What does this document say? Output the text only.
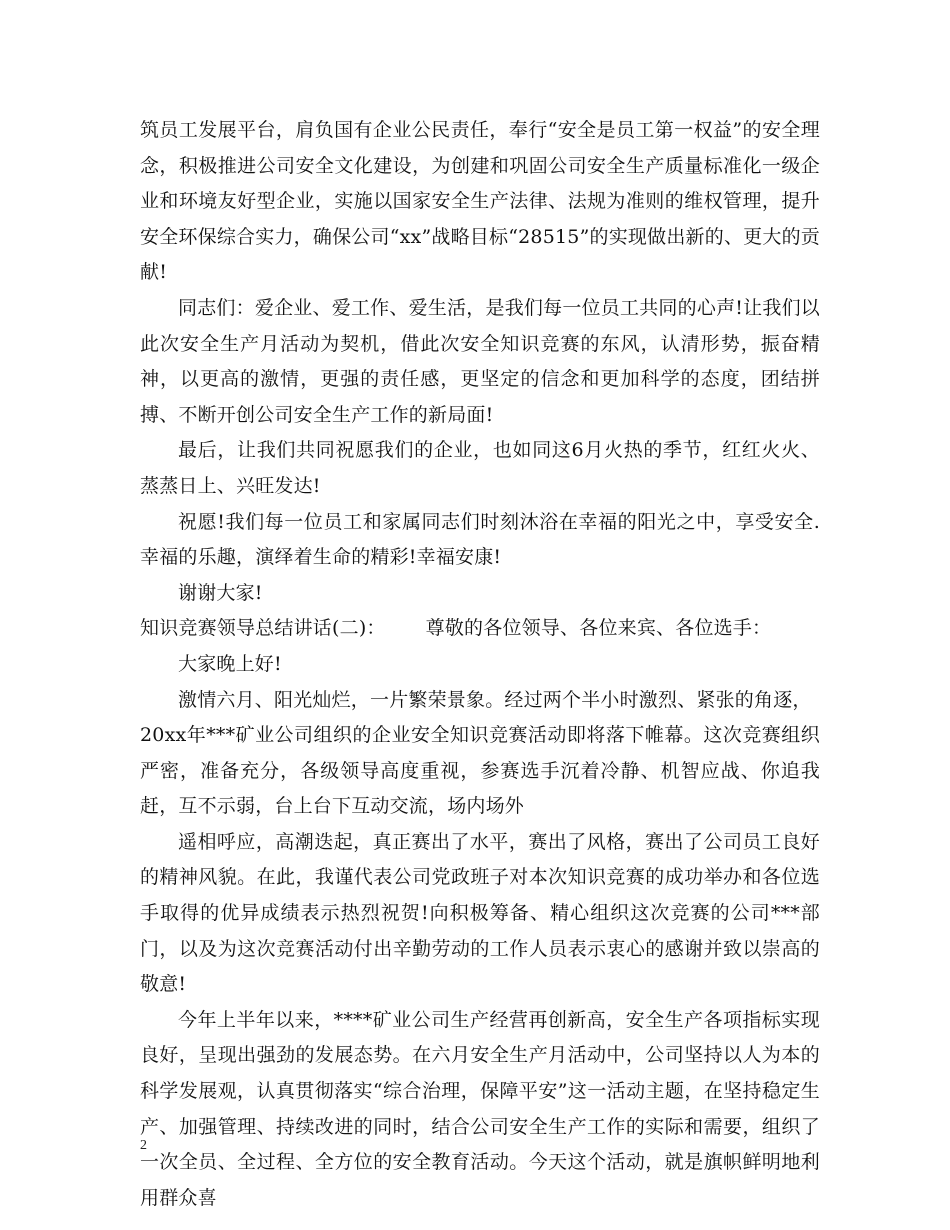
筑员工发展平台，肩负国有企业公民责任，奉行“安全是员工第一权益”的安全理念，积极推进公司安全文化建设，为创建和巩固公司安全生产质量标准化一级企业和环境友好型企业，实施以国家安全生产法律、法规为准则的维权管理，提升安全环保综合实力，确保公司“xx”战略目标“28515”的实现做出新的、更大的贡献!

同志们：爱企业、爱工作、爱生活，是我们每一位员工共同的心声!让我们以此次安全生产月活动为契机，借此次安全知识竞赛的东风，认清形势，振奋精神，以更高的激情，更强的责任感，更坚定的信念和更加科学的态度，团结拼搏、不断开创公司安全生产工作的新局面!

最后，让我们共同祝愿我们的企业，也如同这6月火热的季节，红红火火、蒸蒸日上、兴旺发达!

祝愿!我们每一位员工和家属同志们时刻沐浴在幸福的阳光之中，享受安全.幸福的乐趣，演绎着生命的精彩!幸福安康!

谢谢大家!

知识竞赛领导总结讲话(二)： 尊敬的各位领导、各位来宾、各位选手：

大家晚上好!

激情六月、阳光灿烂，一片繁荣景象。经过两个半小时激烈、紧张的角逐，

20xx年***矿业公司组织的企业安全知识竞赛活动即将落下帷幕。这次竞赛组织严密，准备充分，各级领导高度重视，参赛选手沉着冷静、机智应战、你追我赶，互不示弱，台上台下互动交流，场内场外

遥相呼应，高潮迭起，真正赛出了水平，赛出了风格，赛出了公司员工良好的精神风貌。在此，我谨代表公司党政班子对本次知识竞赛的成功举办和各位选手取得的优异成绩表示热烈祝贺!向积极筹备、精心组织这次竞赛的公司***部门，以及为这次竞赛活动付出辛勤劳动的工作人员表示衷心的感谢并致以崇高的敬意!

今年上半年以来，****矿业公司生产经营再创新高，安全生产各项指标实现良好，呈现出强劲的发展态势。在六月安全生产月活动中，公司坚持以人为本的科学发展观，认真贯彻落实“综合治理，保障平安”这一活动主题，在坚持稳定生产、加强管理、持续改进的同时，结合公司安全生产工作的实际和需要，组织了一次全员、全过程、全方位的安全教育活动。今天这个活动，就是旗帜鲜明地利用群众喜

2
